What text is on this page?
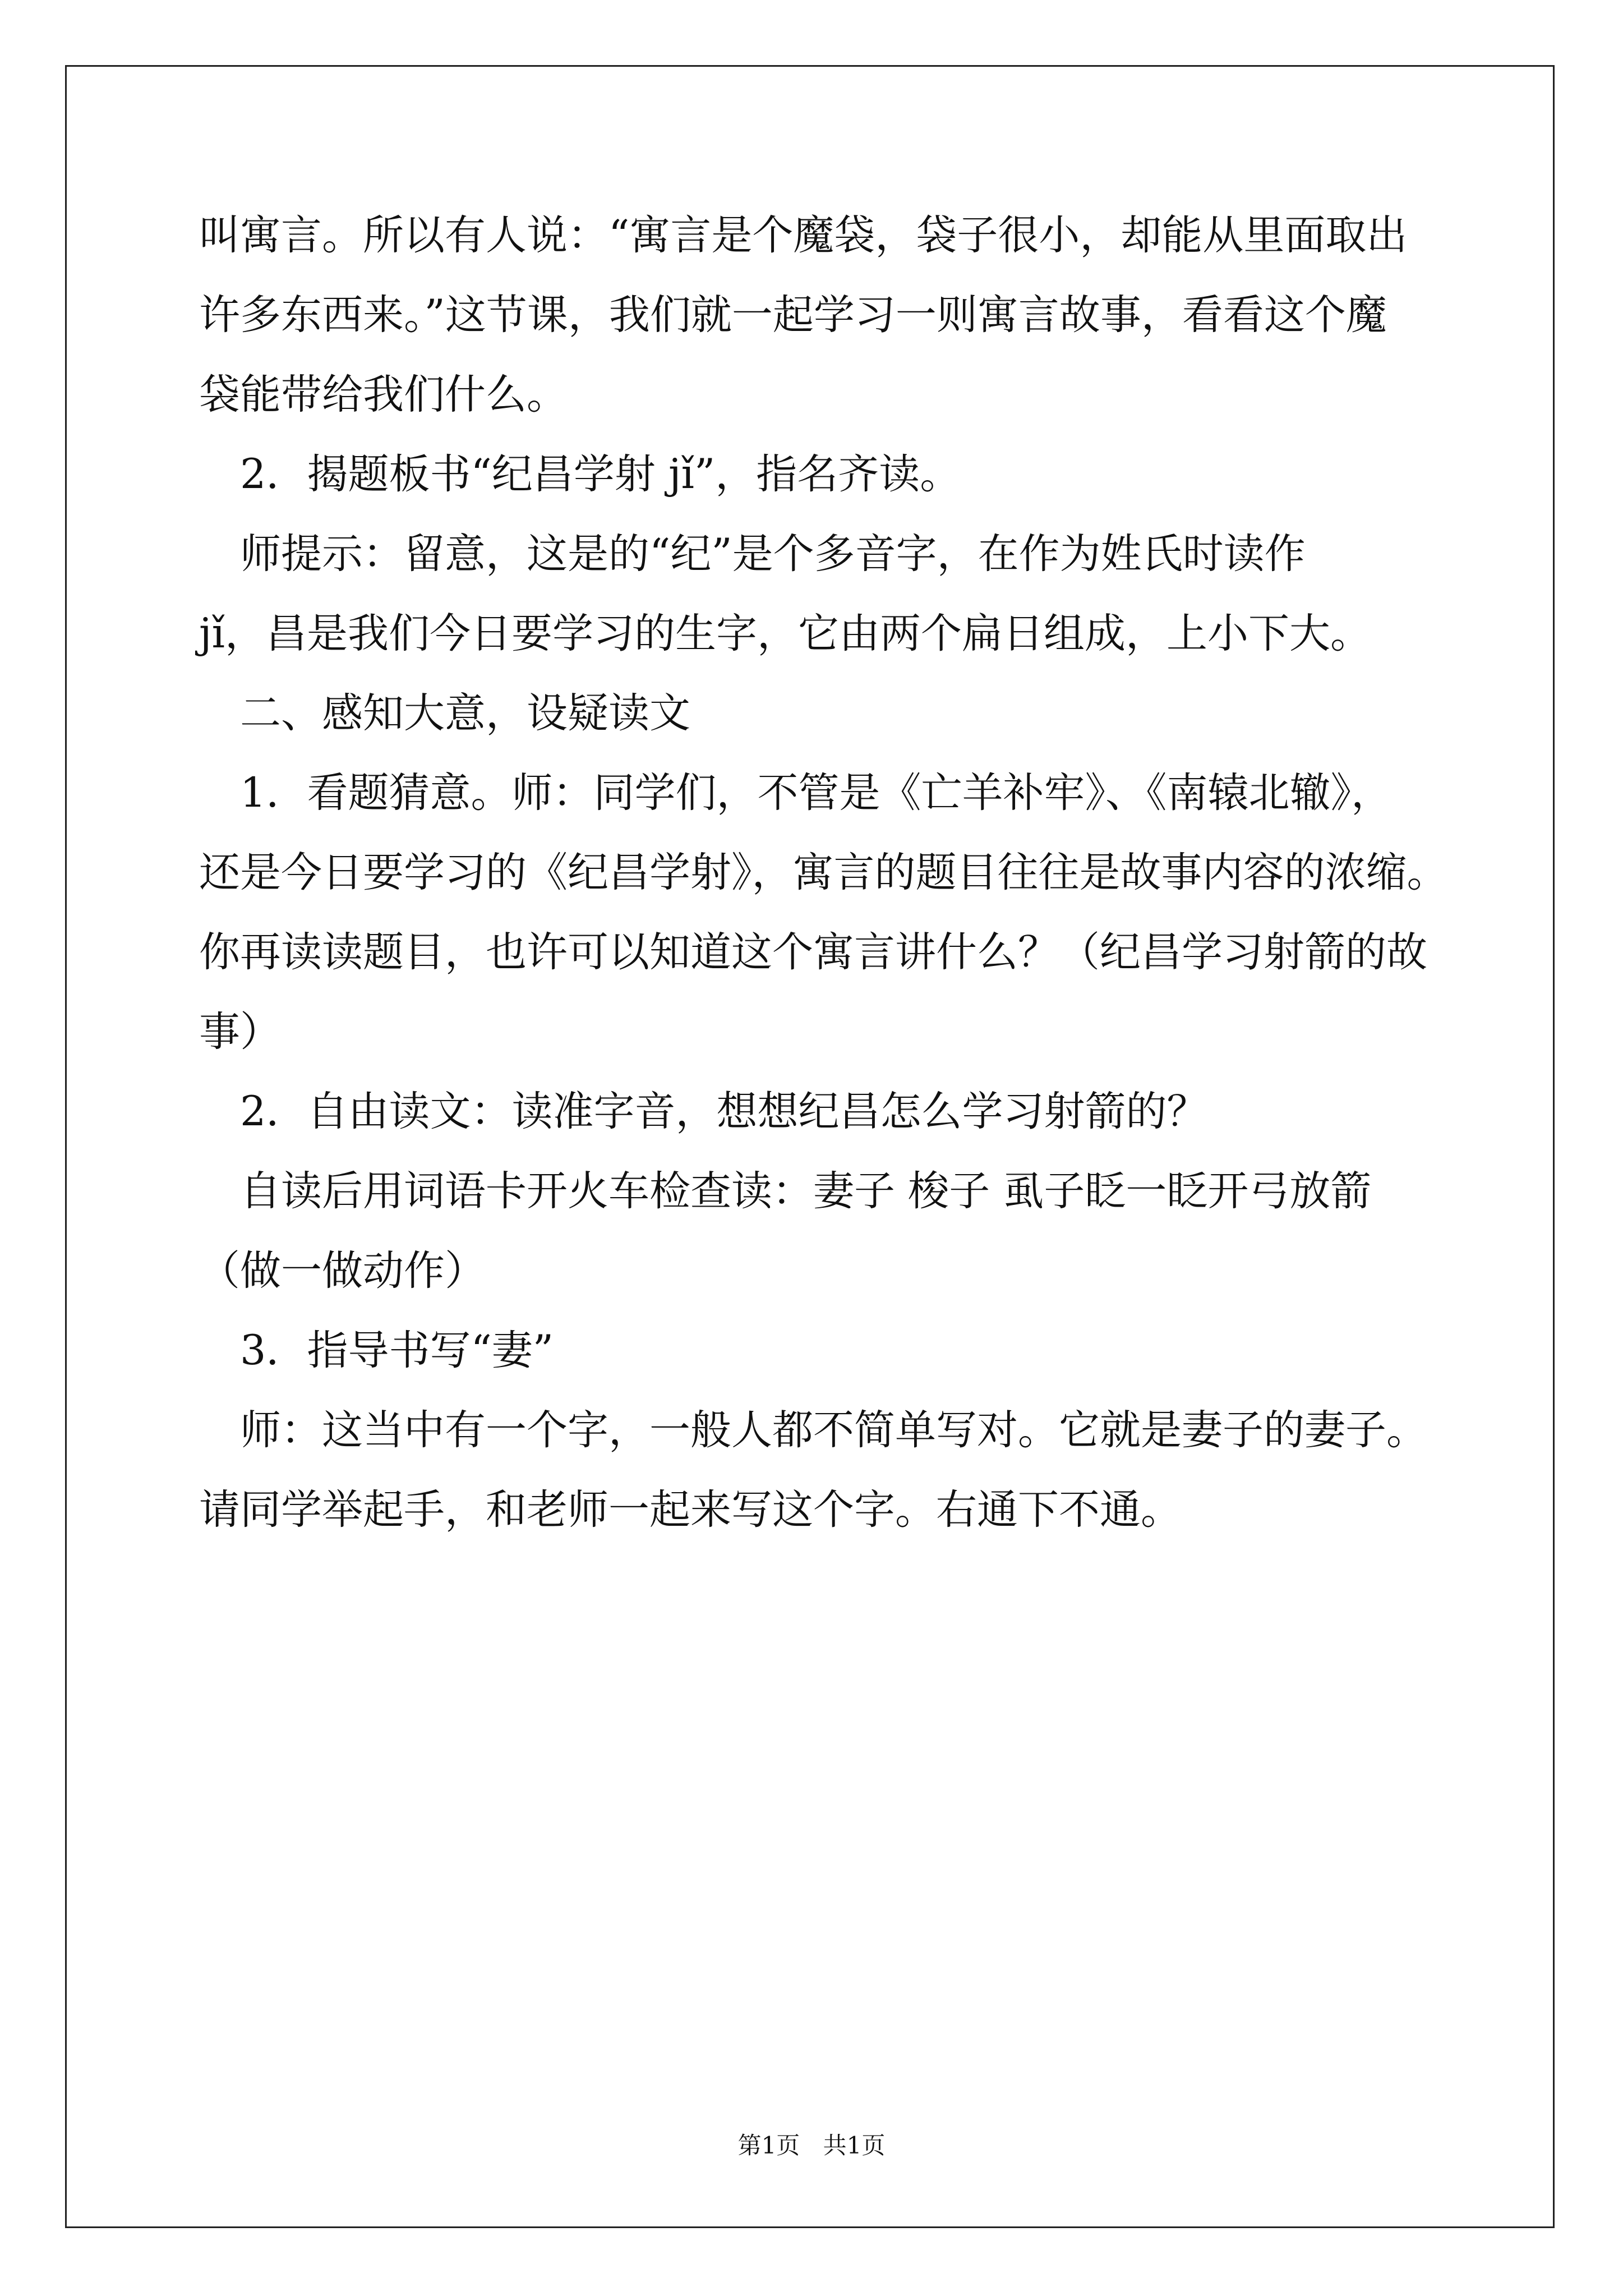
叫寓言。所以有人说：“寓言是个魔袋，袋子很小，却能从里面取出
许多东西来。”这节课，我们就一起学习一则寓言故事，看看这个魔
袋能带给我们什么。
　2．揭题板书“纪昌学射 jǐ”，指名齐读。
　师提示：留意，这是的“纪”是个多音字，在作为姓氏时读作
jǐ，昌是我们今日要学习的生字，它由两个扁日组成，上小下大。
　二、感知大意，设疑读文
　1．看题猜意。师：同学们，不管是《亡羊补牢》、《南辕北辙》，
还是今日要学习的《纪昌学射》，寓言的题目往往是故事内容的浓缩。
你再读读题目，也许可以知道这个寓言讲什么？（纪昌学习射箭的故
事）
　2．自由读文：读准字音，想想纪昌怎么学习射箭的？
　自读后用词语卡开火车检查读：妻子 梭子 虱子眨一眨开弓放箭
（做一做动作）
　3．指导书写“妻”
　师：这当中有一个字，一般人都不简单写对。它就是妻子的妻子。
请同学举起手，和老师一起来写这个字。右通下不通。
第1页 共1页
